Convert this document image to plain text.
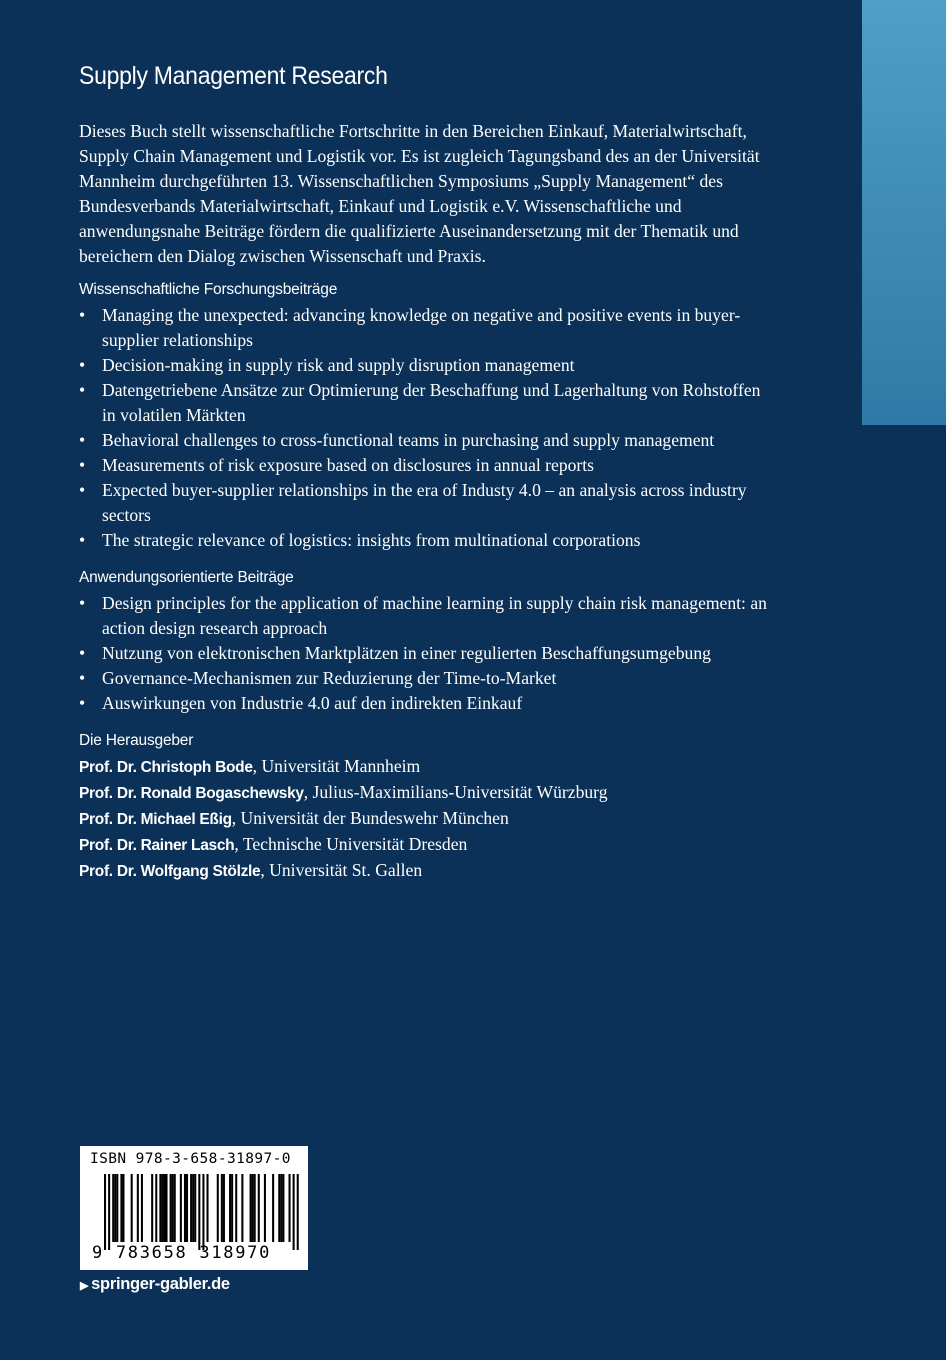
Supply Management Research

Dieses Buch stellt wissenschaftliche Fortschritte in den Bereichen Einkauf, Materialwirtschaft, Supply Chain Management und Logistik vor. Es ist zugleich Tagungsband des an der Universität Mannheim durchgeführten 13. Wissenschaftlichen Symposiums „Supply Management“ des Bundesverbands Materialwirtschaft, Einkauf und Logistik e.V. Wissenschaftliche und anwendungsnahe Beiträge fördern die qualifizierte Auseinandersetzung mit der Thematik und bereichern den Dialog zwischen Wissenschaft und Praxis.

Wissenschaftliche Forschungsbeiträge
• Managing the unexpected: advancing knowledge on negative and positive events in buyer-supplier relationships
• Decision-making in supply risk and supply disruption management
• Datengetriebene Ansätze zur Optimierung der Beschaffung und Lagerhaltung von Rohstoffen in volatilen Märkten
• Behavioral challenges to cross-functional teams in purchasing and supply management
• Measurements of risk exposure based on disclosures in annual reports
• Expected buyer-supplier relationships in the era of Industy 4.0 – an analysis across industry sectors
• The strategic relevance of logistics: insights from multinational corporations
Anwendungsorientierte Beiträge
• Design principles for the application of machine learning in supply chain risk management: an action design research approach
• Nutzung von elektronischen Marktplätzen in einer regulierten Beschaffungsumgebung
• Governance-Mechanismen zur Reduzierung der Time-to-Market
• Auswirkungen von Industrie 4.0 auf den indirekten Einkauf
Die Herausgeber
Prof. Dr. Christoph Bode, Universität Mannheim
Prof. Dr. Ronald Bogaschewsky, Julius-Maximilians-Universität Würzburg
Prof. Dr. Michael Eßig, Universität der Bundeswehr München
Prof. Dr. Rainer Lasch, Technische Universität Dresden
Prof. Dr. Wolfgang Stölzle, Universität St. Gallen
ISBN 978-3-658-31897-0
9 783658 318970
▶ springer-gabler.de
